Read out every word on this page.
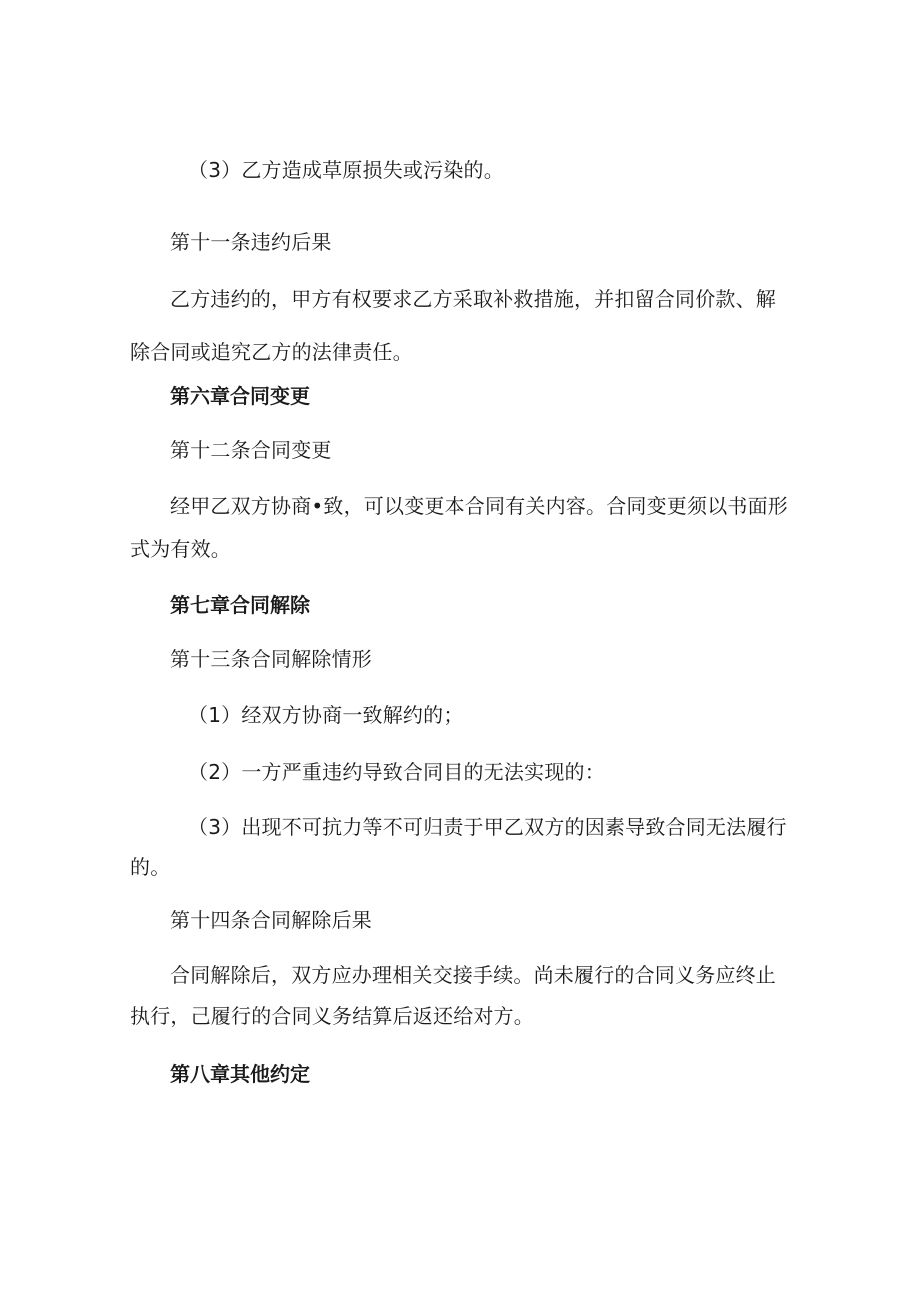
（3）乙方造成草原损失或污染的。
第十一条违约后果
乙方违约的，甲方有权要求乙方采取补救措施，并扣留合同价款、解
除合同或追究乙方的法律责任。
第六章合同变更
第十二条合同变更
经甲乙双方协商•致，可以变更本合同有关内容。合同变更须以书面形
式为有效。
第七章合同解除
第十三条合同解除情形
（1）经双方协商一致解约的；
（2）一方严重违约导致合同目的无法实现的：
（3）出现不可抗力等不可归责于甲乙双方的因素导致合同无法履行
的。
第十四条合同解除后果
合同解除后，双方应办理相关交接手续。尚未履行的合同义务应终止
执行，己履行的合同义务结算后返还给对方。
第八章其他约定
